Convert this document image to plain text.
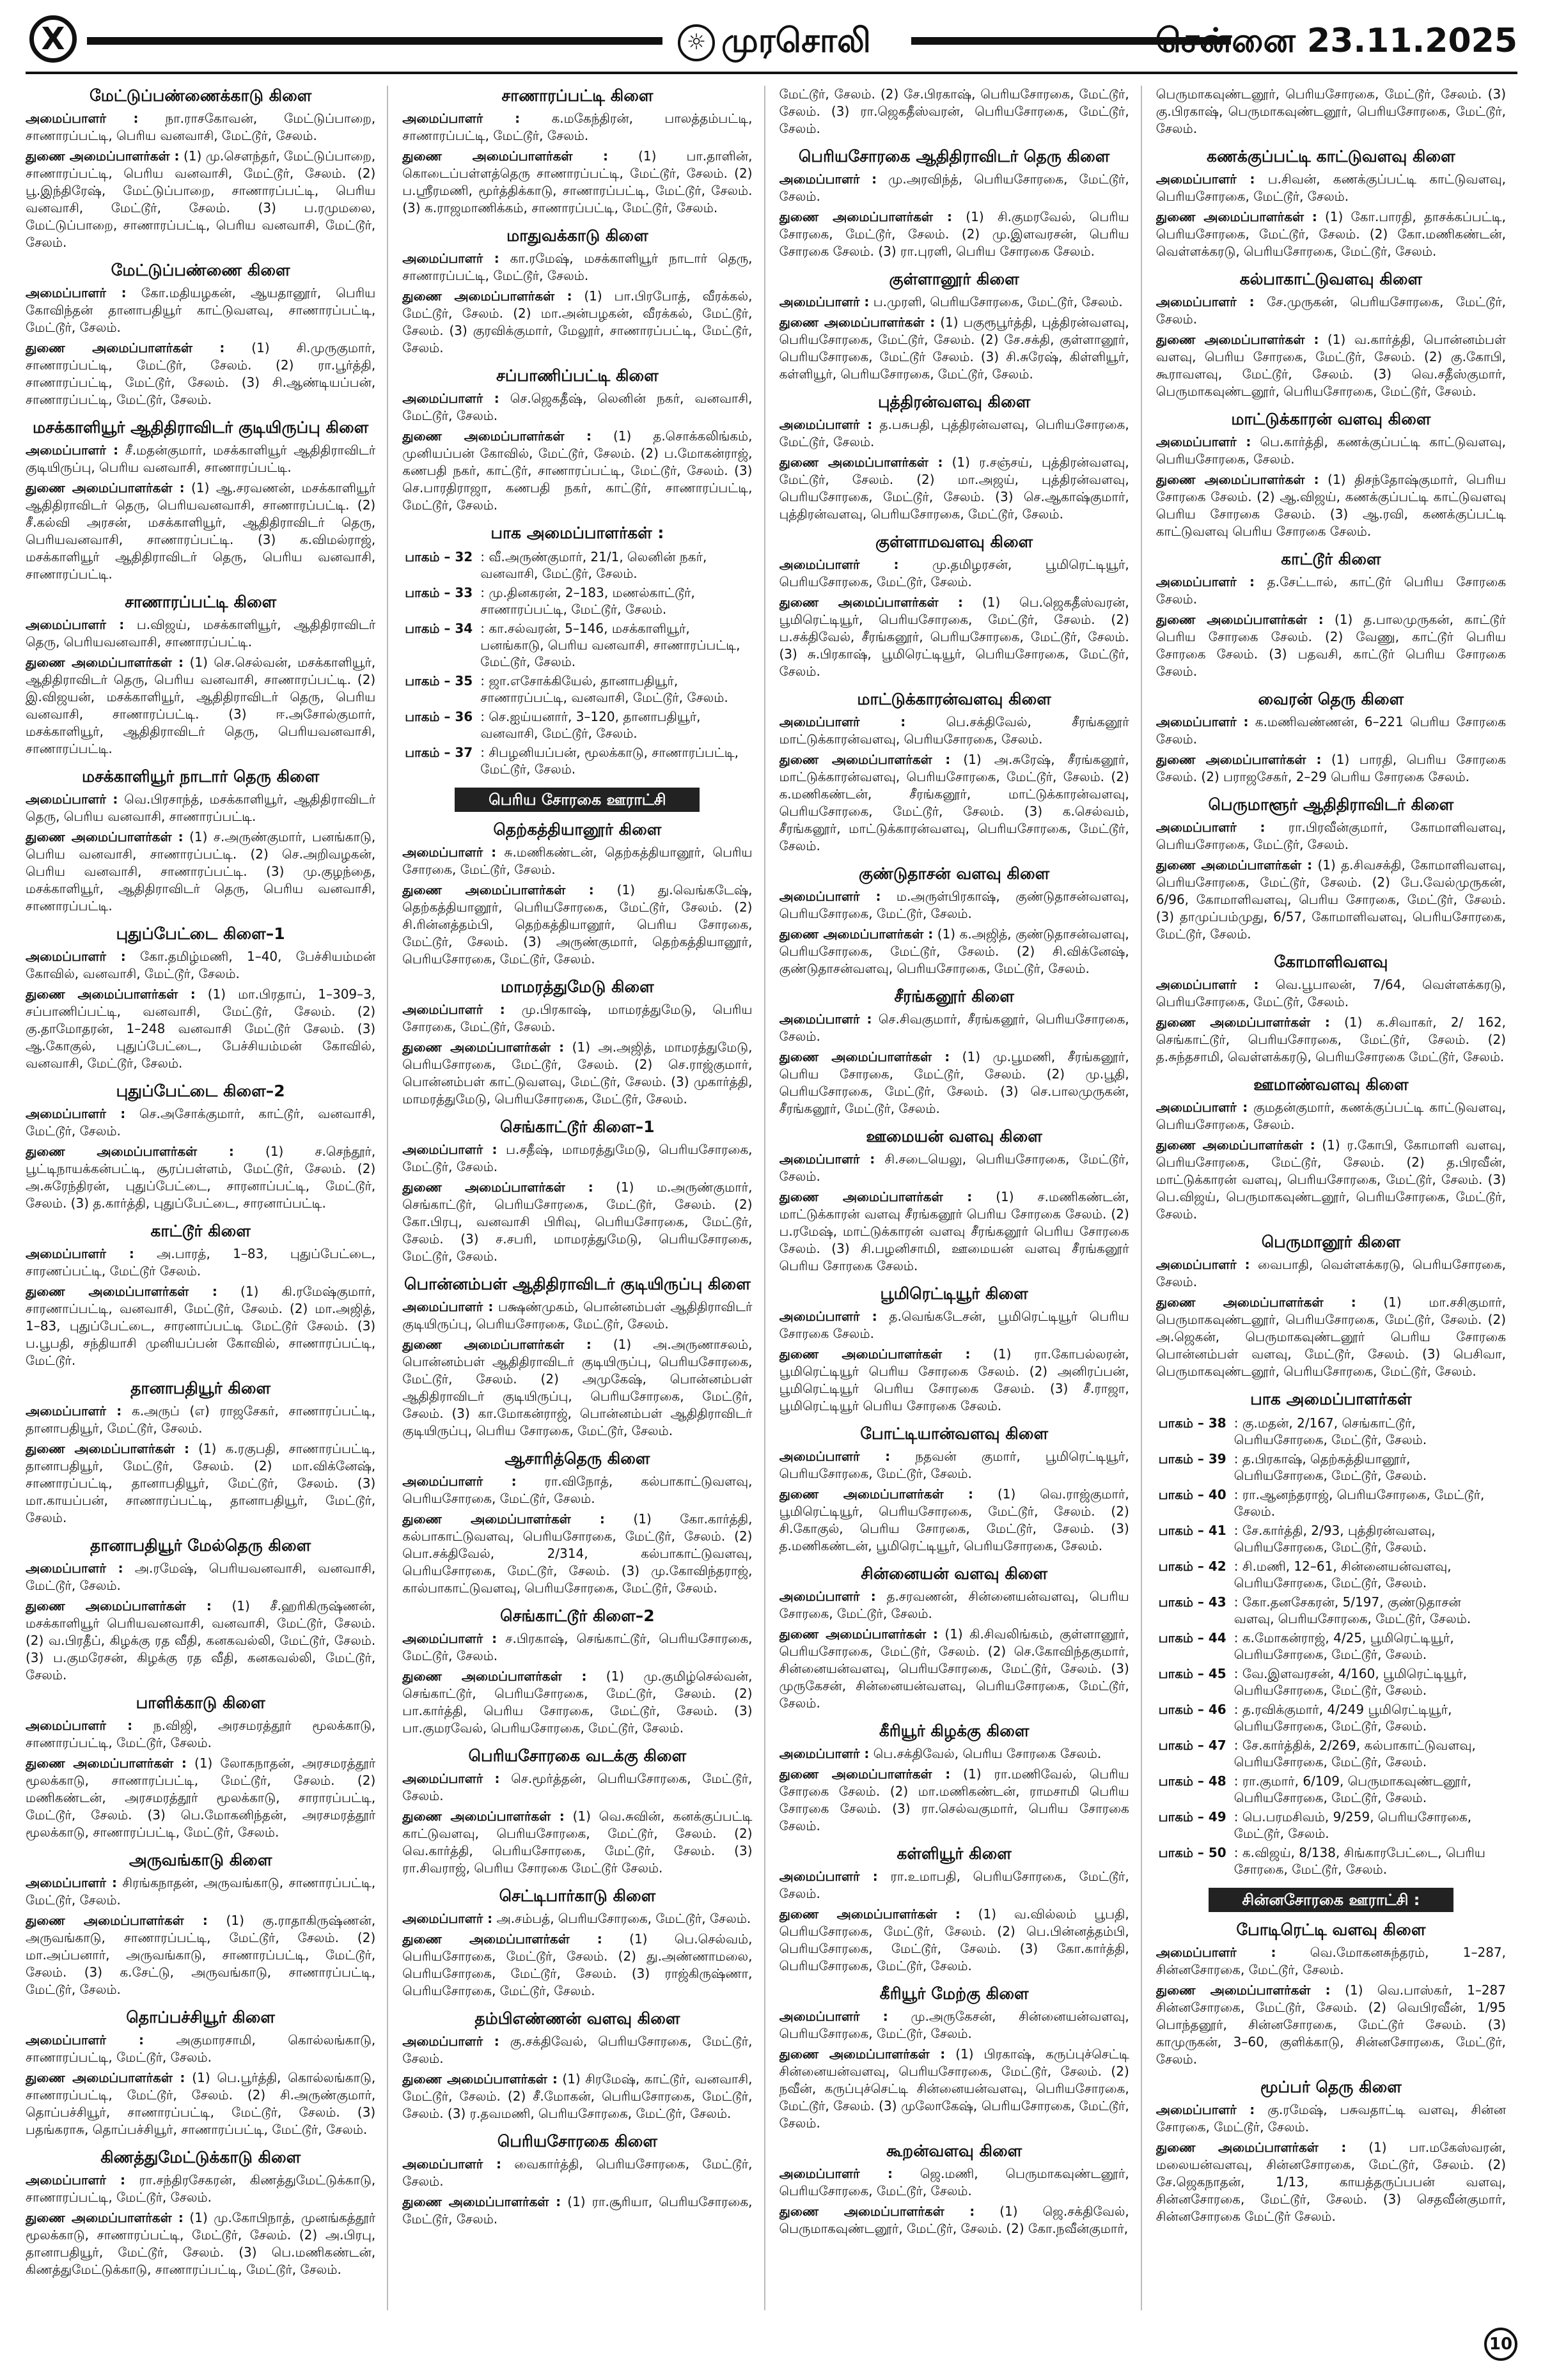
X	☼ முரசொலி	சென்னை 23.11.2025
மேட்டுப்பண்ணைக்காடு கிளை

அமைப்பாளர் : நா.ராசகோவன், மேட்டுப்பாறை, சாணாரப்பட்டி, பெரிய வனவாசி, மேட்டூர், சேலம்.

துணை அமைப்பாளர்கள் : (1) மு.செளந்தர், மேட்டுப்பாறை, சாணாரப்பட்டி, பெரிய வனவாசி, மேட்டூர், சேலம். (2) பூ.இந்திரேஷ், மேட்டுப்பாறை, சாணாரப்பட்டி, பெரிய வனவாசி, மேட்டூர், சேலம். (3) ப.ரமுமலை, மேட்டுப்பாறை, சாணாரப்பட்டி, பெரிய வனவாசி, மேட்டூர், சேலம்.

மேட்டுப்பண்ணை கிளை

அமைப்பாளர் : கோ.மதியழகன், ஆயதானூர், பெரிய கோவிந்தன் தானாபதியூர் காட்டுவளவு, சாணாரப்பட்டி, மேட்டூர், சேலம்.

துணை அமைப்பாளர்கள் : (1) சி.முருகுமார், சாணாரப்பட்டி, மேட்டூர், சேலம். (2) ரா.பூர்த்தி, சாணாரப்பட்டி, மேட்டூர், சேலம். (3) சி.ஆண்டியப்பன், சாணாரப்பட்டி, மேட்டூர், சேலம்.

மசக்காளியூர் ஆதிதிராவிடர் குடியிருப்பு கிளை

அமைப்பாளர் : சீ.மதன்குமார், மசக்காளியூர் ஆதிதிராவிடர் குடியிருப்பு, பெரிய வனவாசி, சாணாரப்பட்டி.

துணை அமைப்பாளர்கள் : (1) ஆ.சரவணன், மசக்காளியூர் ஆதிதிராவிடர் தெரு, பெரியவனவாசி, சாணாரப்பட்டி. (2) சீ.கல்வி அரசன், மசக்காளியூர், ஆதிதிராவிடர் தெரு, பெரியவனவாசி, சாணாரப்பட்டி. (3) க.விமல்ராஜ், மசக்காளியூர் ஆதிதிராவிடர் தெரு, பெரிய வனவாசி, சாணாரப்பட்டி.

சாணாரப்பட்டி கிளை

அமைப்பாளர் : ப.விஜய், மசக்காளியூர், ஆதிதிராவிடர் தெரு, பெரியவனவாசி, சாணாரப்பட்டி.

துணை அமைப்பாளர்கள் : (1) செ.செல்வன், மசக்காளியூர், ஆதிதிராவிடர் தெரு, பெரிய வனவாசி, சாணாரப்பட்டி. (2) இ.விஜயன், மசக்காளியூர், ஆதிதிராவிடர் தெரு, பெரிய வனவாசி, சாணாரப்பட்டி. (3) ஈ.அசோல்குமார், மசக்காளியூர், ஆதிதிராவிடர் தெரு, பெரியவனவாசி, சாணாரப்பட்டி.

மசக்காளியூர் நாடார் தெரு கிளை

அமைப்பாளர் : வெ.பிரசாந்த், மசக்காளியூர், ஆதிதிராவிடர் தெரு, பெரிய வனவாசி, சாணாரப்பட்டி.

துணை அமைப்பாளர்கள் : (1) ச.அருண்குமார், பனங்காடு, பெரிய வனவாசி, சாணாரப்பட்டி. (2) செ.அறிவழகன், பெரிய வனவாசி, சாணாரப்பட்டி. (3) மு.குழந்தை, மசக்காளியூர், ஆதிதிராவிடர் தெரு, பெரிய வனவாசி, சாணாரப்பட்டி.

புதுப்பேட்டை கிளை–1

அமைப்பாளர் : கோ.தமிழ்மணி, 1–40, பேச்சியம்மன் கோவில், வனவாசி, மேட்டூர், சேலம்.

துணை அமைப்பாளர்கள் : (1) மா.பிரதாப், 1–309–3, சப்பாணிப்பட்டி, வனவாசி, மேட்டூர், சேலம். (2) கு.தாமோதரன், 1–248 வனவாசி மேட்டூர் சேலம். (3) ஆ.கோகுல், புதுப்பேட்டை, பேச்சியம்மன் கோவில், வனவாசி, மேட்டூர், சேலம்.

புதுப்பேட்டை கிளை–2

அமைப்பாளர் : செ.அசோக்குமார், காட்டூர், வனவாசி, மேட்டூர், சேலம்.

துணை அமைப்பாளர்கள் : (1) ச.செந்தூர், பூட்டிநாயக்கன்பட்டி, சூரப்பள்ளம், மேட்டூர், சேலம். (2) அ.சுரேந்திரன், புதுப்பேட்டை, சாரனாப்பட்டி, மேட்டூர், சேலம். (3) த.கார்த்தி, புதுப்பேட்டை, சாரனாப்பட்டி.

காட்டூர் கிளை

அமைப்பாளர் : அ.பாரத், 1–83, புதுப்பேட்டை, சாரணப்பட்டி, மேட்டூர் சேலம்.

துணை அமைப்பாளர்கள் : (1) கி.ரமேஷ்குமார், சாரணாப்பட்டி, வனவாசி, மேட்டூர், சேலம். (2) மா.அஜித், 1–83, புதுப்பேட்டை, சாரனாப்பட்டி மேட்டூர் சேலம். (3) ப.பூபதி, சந்தியாசி முனியப்பன் கோவில், சாணாரப்பட்டி, மேட்டூர்.

தானாபதியூர் கிளை

அமைப்பாளர் : க.அருப் (எ) ராஜசேகர், சாணாரப்பட்டி, தானாபதியூர், மேட்டூர், சேலம்.

துணை அமைப்பாளர்கள் : (1) க.ரகுபதி, சாணாரப்பட்டி, தானாபதியூர், மேட்டூர், சேலம். (2) மா.விக்னேஷ், சாணாரப்பட்டி, தானாபதியூர், மேட்டூர், சேலம். (3) மா.காயப்பன், சாணாரப்பட்டி, தானாபதியூர், மேட்டூர், சேலம்.

தானாபதியூர் மேல்தெரு கிளை

அமைப்பாளர் : அ.ரமேஷ், பெரியவனவாசி, வனவாசி, மேட்டூர், சேலம்.

துணை அமைப்பாளர்கள் : (1) சீ.ஹரிகிருஷ்ணன், மசக்காளியூர் பெரியவனவாசி, வனவாசி, மேட்டூர், சேலம். (2) வ.பிரதீப், கிழக்கு ரத வீதி, கனகவல்லி, மேட்டூர், சேலம். (3) ப.குமரேசன், கிழக்கு ரத வீதி, கனகவல்லி, மேட்டூர், சேலம்.

பாளிக்காடு கிளை

அமைப்பாளர் : ந.விஜி, அரசமரத்தூர் மூலக்காடு, சாணாரப்பட்டி, மேட்டூர், சேலம்.

துணை அமைப்பாளர்கள் : (1) லோகநாதன், அரசமரத்தூர் மூலக்காடு, சாணாரப்பட்டி, மேட்டூர், சேலம். (2) மணிகண்டன், அரசமரத்தூர் மூலக்காடு, சாராரப்பட்டி, மேட்டூர், சேலம். (3) பெ.மோகனிந்தன், அரசமரத்தூர் மூலக்காடு, சாணாரப்பட்டி, மேட்டூர், சேலம்.

அருவங்காடு கிளை

அமைப்பாளர் : சிரங்கநாதன், அருவங்காடு, சாணாரப்பட்டி, மேட்டூர், சேலம்.

துணை அமைப்பாளர்கள் : (1) கு.ராதாகிருஷ்ணன், அருவங்காடு, சாணாரப்பட்டி, மேட்டூர், சேலம். (2) மா.அப்பனார், அருவங்காடு, சாணாரப்பட்டி, மேட்டூர், சேலம். (3) க.சேட்டு, அருவங்காடு, சாணாரப்பட்டி, மேட்டூர், சேலம்.

தொப்பச்சியூர் கிளை

அமைப்பாளர் : அகுமாரசாமி, கொல்லங்காடு, சாணாரப்பட்டி, மேட்டூர், சேலம்.

துணை அமைப்பாளர்கள் : (1) பெ.பூர்த்தி, கொல்லங்காடு, சாணாரப்பட்டி, மேட்டூர், சேலம். (2) சி.அருண்குமார், தொப்பச்சியூர், சாணாரப்பட்டி, மேட்டூர், சேலம். (3) பதங்கராசு, தொப்பச்சியூர், சாணாரப்பட்டி, மேட்டூர், சேலம்.

கிணத்துமேட்டுக்காடு கிளை

அமைப்பாளர் : ரா.சந்திரசேகரன், கிணத்துமேட்டுக்காடு, சாணாரப்பட்டி, மேட்டூர், சேலம்.

துணை அமைப்பாளர்கள் : (1) மு.கோபிநாத், முனங்கத்தூர் மூலக்காடு, சாணாரப்பட்டி, மேட்டூர், சேலம். (2) அ.பிரபு, தானாபதியூர், மேட்டூர், சேலம். (3) பெ.மணிகண்டன், கிணத்துமேட்டுக்காடு, சாணாரப்பட்டி, மேட்டூர், சேலம்.

சாணாரப்பட்டி கிளை

அமைப்பாளர் : க.மகேந்திரன், பாலத்தம்பட்டி, சாணாரப்பட்டி, மேட்டூர், சேலம்.

துணை அமைப்பாளர்கள் : (1) பா.தாளின், கொடைப்பள்ளத்தெரு சாணாரப்பட்டி, மேட்டூர், சேலம். (2) ப.ஸ்ரீரமணி, மூர்த்திக்காடு, சாணாரப்பட்டி, மேட்டூர், சேலம். (3) க.ராஜமாணிக்கம், சாணாரப்பட்டி, மேட்டூர், சேலம்.

மாதுவக்காடு கிளை

அமைப்பாளர் : கா.ரமேஷ், மசக்காளியூர் நாடார் தெரு, சாணாரப்பட்டி, மேட்டூர், சேலம்.

துணை அமைப்பாளர்கள் : (1) பா.பிரபோத், வீரக்கல், மேட்டூர், சேலம். (2) மா.அன்பழகன், வீரக்கல், மேட்டூர், சேலம். (3) குரவிக்குமார், மேலூர், சாணாரப்பட்டி, மேட்டூர், சேலம்.

சப்பாணிப்பட்டி கிளை

அமைப்பாளர் : செ.ஜெகதீஷ், லெனின் நகர், வனவாசி, மேட்டூர், சேலம்.

துணை அமைப்பாளர்கள் : (1) த.சொக்கலிங்கம், முனியப்பன் கோவில், மேட்டூர், சேலம். (2) ப.மோகன்ராஜ், கணபதி நகர், காட்டூர், சாணாரப்பட்டி, மேட்டூர், சேலம். (3) செ.பாரதிராஜா, கணபதி நகர், காட்டூர், சாணாரப்பட்டி, மேட்டூர், சேலம்.

பாக அமைப்பாளர்கள் :
பாகம் – 32	: வீ.அருண்குமார், 21/1, லெனின் நகர், வனவாசி, மேட்டூர், சேலம்.
பாகம் – 33	: மு.தினகரன், 2–183, மணல்காட்டூர், சாணாரப்பட்டி, மேட்டூர், சேலம்.
பாகம் – 34	: கா.சல்வரன், 5–146, மசக்காளியூர், பனங்காடு, பெரிய வனவாசி, சாணாரப்பட்டி, மேட்டூர், சேலம்.
பாகம் – 35	: ஜா.எசோக்கியேல், தானாபதியூர், சாணாரப்பட்டி, வனவாசி, மேட்டூர், சேலம்.
பாகம் – 36	: செ.ஐய்யனார், 3–120, தானாபதியூர், வனவாசி, மேட்டூர், சேலம்.
பாகம் – 37	: சிபழனியப்பன், மூலக்காடு, சாணாரப்பட்டி, மேட்டூர், சேலம்.
பெரிய சோரகை ஊராட்சி
தெற்கத்தியானூர் கிளை

அமைப்பாளர் : சு.மணிகண்டன், தெற்கத்தியானூர், பெரிய சோரகை, மேட்டூர், சேலம்.

துணை அமைப்பாளர்கள் : (1) து.வெங்கடேஷ், தெற்கத்தியானூர், பெரியசோரகை, மேட்டூர், சேலம். (2) சி.ரின்னத்தம்பி, தெற்கத்தியானூர், பெரிய சோரகை, மேட்டூர், சேலம். (3) அருண்குமார், தெற்கத்தியானூர், பெரியசோரகை, மேட்டூர், சேலம்.

மாமரத்துமேடு கிளை

அமைப்பாளர் : மு.பிரகாஷ், மாமரத்துமேடு, பெரிய சோரகை, மேட்டூர், சேலம்.

துணை அமைப்பாளர்கள் : (1) அ.அஜித், மாமரத்துமேடு, பெரியசோரகை, மேட்டூர், சேலம். (2) செ.ராஜ்குமார், பொன்னம்பள் காட்டுவளவு, மேட்டூர், சேலம். (3) முகார்த்தி, மாமரத்துமேடு, பெரியசோரகை, மேட்டூர், சேலம்.

செங்காட்டூர் கிளை–1

அமைப்பாளர் : ப.சதீஷ், மாமரத்துமேடு, பெரியசோரகை, மேட்டூர், சேலம்.

துணை அமைப்பாளர்கள் : (1) ம.அருண்குமார், செங்காட்டூர், பெரியசோரகை, மேட்டூர், சேலம். (2) கோ.பிரபு, வனவாசி பிரிவு, பெரியசோரகை, மேட்டூர், சேலம். (3) ச.சபரி, மாமரத்துமேடு, பெரியசோரகை, மேட்டூர், சேலம்.

பொன்னம்பள் ஆதிதிராவிடர் குடியிருப்பு கிளை

அமைப்பாளர் : பக்ஷண்முகம், பொன்னம்பள் ஆதிதிராவிடர் குடியிருப்பு, பெரியசோரகை, மேட்டூர், சேலம்.

துணை அமைப்பாளர்கள் : (1) அ.அருணாசலம், பொன்னம்பள் ஆதிதிராவிடர் குடியிருப்பு, பெரியசோரகை, மேட்டூர், சேலம். (2) அமுகேஷ், பொன்னம்பள் ஆதிதிராவிடர் குடியிருப்பு, பெரியசோரகை, மேட்டூர், சேலம். (3) கா.மோகன்ராஜ், பொன்னம்பள் ஆதிதிராவிடர் குடியிருப்பு, பெரிய சோரகை, மேட்டூர், சேலம்.

ஆசாரித்தெரு கிளை

அமைப்பாளர் : ரா.விநோத், கல்பாகாட்டுவளவு, பெரியசோரகை, மேட்டூர், சேலம்.

துணை அமைப்பாளர்கள் : (1) கோ.கார்த்தி, கல்பாகாட்டுவளவு, பெரியசோரகை, மேட்டூர், சேலம். (2) பொ.சக்திவேல், 2/314, கல்பாகாட்டுவளவு, பெரியசோரகை, மேட்டூர், சேலம். (3) மு.கோவிந்தராஜ், கால்பாகாட்டுவளவு, பெரியசோரகை, மேட்டூர், சேலம்.

செங்காட்டூர் கிளை–2

அமைப்பாளர் : ச.பிரகாஷ், செங்காட்டூர், பெரியசோரகை, மேட்டூர், சேலம்.

துணை அமைப்பாளர்கள் : (1) மு.குமிழ்செல்வன், செங்காட்டூர், பெரியசோரகை, மேட்டூர், சேலம். (2) பா.கார்த்தி, பெரிய சோரகை, மேட்டூர், சேலம். (3) பா.குமரவேல், பெரியசோரகை, மேட்டூர், சேலம்.

பெரியசோரகை வடக்கு கிளை

அமைப்பாளர் : செ.மூர்த்தன், பெரியசோரகை, மேட்டூர், சேலம்.

துணை அமைப்பாளர்கள் : (1) வெ.சுவின், கனக்குப்பட்டி காட்டுவளவு, பெரியசோரகை, மேட்டூர், சேலம். (2) வெ.கார்த்தி, பெரியசோரகை, மேட்டூர், சேலம். (3) ரா.சிவராஜ், பெரிய சோரகை மேட்டூர் சேலம்.

செட்டிபார்காடு கிளை

அமைப்பாளர் : அ.சம்பத், பெரியசோரகை, மேட்டூர், சேலம்.

துணை அமைப்பாளர்கள் : (1) பெ.செல்வம், பெரியசோரகை, மேட்டூர், சேலம். (2) து.அண்ணாமலை, பெரியசோரகை, மேட்டூர், சேலம். (3) ராஜ்கிருஷ்ணா, பெரியசோரகை, மேட்டூர், சேலம்.

தம்பிஎண்ணன் வளவு கிளை

அமைப்பாளர் : கு.சக்திவேல், பெரியசோரகை, மேட்டூர், சேலம்.

துணை அமைப்பாளர்கள் : (1) சிரமேஷ், காட்டூர், வனவாசி, மேட்டூர், சேலம். (2) சீ.மோகன், பெரியசோரகை, மேட்டூர், சேலம். (3) ர.தவமணி, பெரியசோரகை, மேட்டூர், சேலம்.

பெரியசோரகை கிளை

அமைப்பாளர் : வைகார்த்தி, பெரியசோரகை, மேட்டூர், சேலம்.

துணை அமைப்பாளர்கள் : (1) ரா.சூரியா, பெரியசோரகை, மேட்டூர், சேலம்.

மேட்டூர், சேலம். (2) சே.பிரகாஷ், பெரியசோரகை, மேட்டூர், சேலம். (3) ரா.ஜெகதீஸ்வரன், பெரியசோரகை, மேட்டூர், சேலம்.

பெரியசோரகை ஆதிதிராவிடர் தெரு கிளை

அமைப்பாளர் : மு.அரவிந்த், பெரியசோரகை, மேட்டூர், சேலம்.

துணை அமைப்பாளர்கள் : (1) சி.குமரவேல், பெரிய சோரகை, மேட்டூர், சேலம். (2) மு.இளவரசன், பெரிய சோரகை சேலம். (3) ரா.புரளி, பெரிய சோரகை சேலம்.

குள்ளானூர் கிளை

அமைப்பாளர் : ப.முரளி, பெரியசோரகை, மேட்டூர், சேலம்.

துணை அமைப்பாளர்கள் : (1) பகுரூபூர்த்தி, புத்திரன்வளவு, பெரியசோரகை, மேட்டூர், சேலம். (2) சே.சக்தி, குள்ளானூர், பெரியசோரகை, மேட்டூர் சேலம். (3) சி.சுரேஷ், கிள்ளியூர், கள்ளியூர், பெரியசோரகை, மேட்டூர், சேலம்.

புத்திரன்வளவு கிளை

அமைப்பாளர் : த.பசுபதி, புத்திரன்வளவு, பெரியசோரகை, மேட்டூர், சேலம்.

துணை அமைப்பாளர்கள் : (1) ர.சஞ்சய், புத்திரன்வளவு, மேட்டூர், சேலம். (2) மா.அஜய், புத்திரன்வளவு, பெரியசோரகை, மேட்டூர், சேலம். (3) செ.ஆகாஷ்குமார், புத்திரன்வளவு, பெரியசோரகை, மேட்டூர், சேலம்.

குள்ளாமவளவு கிளை

அமைப்பாளர் : மு.தமிழரசன், பூமிரெட்டியூர், பெரியசோரகை, மேட்டூர், சேலம்.

துணை அமைப்பாளர்கள் : (1) பெ.ஜெகதீஸ்வரன், பூமிரெட்டியூர், பெரியசோரகை, மேட்டூர், சேலம். (2) ப.சக்திவேல், சீரங்கனூர், பெரியசோரகை, மேட்டூர், சேலம். (3) சு.பிரகாஷ், பூமிரெட்டியூர், பெரியசோரகை, மேட்டூர், சேலம்.

மாட்டுக்காரன்வளவு கிளை

அமைப்பாளர் : பெ.சக்திவேல், சீரங்கனூர் மாட்டுக்காரன்வளவு, பெரியசோரகை, சேலம்.

துணை அமைப்பாளர்கள் : (1) அ.சுரேஷ், சீரங்கனூர், மாட்டுக்காரன்வளவு, பெரியசோரகை, மேட்டூர், சேலம். (2) க.மணிகண்டன், சீரங்கனூர், மாட்டுக்காரன்வளவு, பெரியசோரகை, மேட்டூர், சேலம். (3) க.செல்வம், சீரங்கனூர், மாட்டுக்காரன்வளவு, பெரியசோரகை, மேட்டூர், சேலம்.

குண்டுதாசன் வளவு கிளை

அமைப்பாளர் : ம.அருள்பிரகாஷ், குண்டுதாசன்வளவு, பெரியசோரகை, மேட்டூர், சேலம்.

துணை அமைப்பாளர்கள் : (1) க.அஜித், குண்டுதாசன்வளவு, பெரியசோரகை, மேட்டூர், சேலம். (2) சி.விக்னேஷ், குண்டுதாசன்வளவு, பெரியசோரகை, மேட்டூர், சேலம்.

சீரங்கனூர் கிளை

அமைப்பாளர் : செ.சிவகுமார், சீரங்கனூர், பெரியசோரகை, சேலம்.

துணை அமைப்பாளர்கள் : (1) மு.பூமணி, சீரங்கனூர், பெரிய சோரகை, மேட்டூர், சேலம். (2) மு.பூதி, பெரியசோரகை, மேட்டூர், சேலம். (3) செ.பாலமுருகன், சீரங்கனூர், மேட்டூர், சேலம்.

ஊமையன் வளவு கிளை

அமைப்பாளர் : சி.சடையெலு, பெரியசோரகை, மேட்டூர், சேலம்.

துணை அமைப்பாளர்கள் : (1) ச.மணிகண்டன், மாட்டுக்காரன் வளவு சீரங்கனூர் பெரிய சோரகை சேலம். (2) ப.ரமேஷ், மாட்டுக்காரன் வளவு சீரங்கனூர் பெரிய சோரகை சேலம். (3) சி.பழனிசாமி, ஊமையன் வளவு சீரங்கனூர் பெரிய சோரகை சேலம்.

பூமிரெட்டியூர் கிளை

அமைப்பாளர் : த.வெங்கடேசன், பூமிரெட்டியூர் பெரிய சோரகை சேலம்.

துணை அமைப்பாளர்கள் : (1) ரா.கோபல்லரன், பூமிரெட்டியூர் பெரிய சோரகை சேலம். (2) அனிரப்பன், பூமிரெட்டியூர் பெரிய சோரகை சேலம். (3) சீ.ராஜா, பூமிரெட்டியூர் பெரிய சோரகை சேலம்.

போட்டியான்வளவு கிளை

அமைப்பாளர் : நதவன் குமார், பூமிரெட்டியூர், பெரியசோரகை, மேட்டூர், சேலம்.

துணை அமைப்பாளர்கள் : (1) வெ.ராஜ்குமார், பூமிரெட்டியூர், பெரியசோரகை, மேட்டூர், சேலம். (2) சி.கோகுல், பெரிய சோரகை, மேட்டூர், சேலம். (3) த.மணிகண்டன், பூமிரெட்டியூர், பெரியசோரகை, சேலம்.

சின்னையன் வளவு கிளை

அமைப்பாளர் : த.சரவணன், சின்னையன்வளவு, பெரிய சோரகை, மேட்டூர், சேலம்.

துணை அமைப்பாளர்கள் : (1) கி.சிவலிங்கம், குள்ளானூர், பெரியசோரகை, மேட்டூர், சேலம். (2) செ.கோவிந்தகுமார், சின்னையன்வளவு, பெரியசோரகை, மேட்டூர், சேலம். (3) முருகேசன், சின்னையன்வளவு, பெரியசோரகை, மேட்டூர், சேலம்.

கீரியூர் கிழக்கு கிளை

அமைப்பாளர் : பெ.சக்திவேல், பெரிய சோரகை சேலம்.

துணை அமைப்பாளர்கள் : (1) ரா.மணிவேல், பெரிய சோரகை சேலம். (2) மா.மணிகண்டன், ராமசாமி பெரிய சோரகை சேலம். (3) ரா.செல்வகுமார், பெரிய சோரகை சேலம்.

கள்ளியூர் கிளை

அமைப்பாளர் : ரா.உமாபதி, பெரியசோரகை, மேட்டூர், சேலம்.

துணை அமைப்பாளர்கள் : (1) வ.வில்லம் பூபதி, பெரியசோரகை, மேட்டூர், சேலம். (2) பெ.பின்னத்தம்பி, பெரியசோரகை, மேட்டூர், சேலம். (3) கோ.கார்த்தி, பெரியசோரகை, மேட்டூர், சேலம்.

கீரியூர் மேற்கு கிளை

அமைப்பாளர் : மு.அருகேசன், சின்னையன்வளவு, பெரியசோரகை, மேட்டூர், சேலம்.

துணை அமைப்பாளர்கள் : (1) பிரகாஷ், கருப்புச்செட்டி சின்னையன்வளவு, பெரியசோரகை, மேட்டூர், சேலம். (2) நவீன், கருப்புச்செட்டி சின்னையன்வளவு, பெரியசோரகை, மேட்டூர், சேலம். (3) முலோகேஷ், பெரியசோரகை, மேட்டூர், சேலம்.

கூறன்வளவு கிளை

அமைப்பாளர் : ஜெ.மணி, பெருமாகவுண்டனூர், பெரியசோரகை, மேட்டூர், சேலம்.

துணை அமைப்பாளர்கள் : (1) ஜெ.சக்திவேல், பெருமாகவுண்டனூர், மேட்டூர், சேலம். (2) கோ.நவீன்குமார்,

பெருமாகவுண்டனூர், பெரியசோரகை, மேட்டூர், சேலம். (3) கு.பிரகாஷ், பெருமாகவுண்டனூர், பெரியசோரகை, மேட்டூர், சேலம்.

கணக்குப்பட்டி காட்டுவளவு கிளை

அமைப்பாளர் : ப.சிவன், கணக்குப்பட்டி காட்டுவளவு, பெரியசோரகை, மேட்டூர், சேலம்.

துணை அமைப்பாளர்கள் : (1) கோ.பாரதி, தாசக்கப்பட்டி, பெரியசோரகை, மேட்டூர், சேலம். (2) கோ.மணிகண்டன், வெள்ளக்கரடு, பெரியசோரகை, மேட்டூர், சேலம்.

கல்பாகாட்டுவளவு கிளை

அமைப்பாளர் : சே.முருகன், பெரியசோரகை, மேட்டூர், சேலம்.

துணை அமைப்பாளர்கள் : (1) வ.கார்த்தி, பொன்னம்பள் வளவு, பெரிய சோரகை, மேட்டூர், சேலம். (2) கு.கோபி, கூராவளவு, மேட்டூர், சேலம். (3) வெ.சதீஸ்குமார், பெருமாகவுண்டனூர், பெரியசோரகை, மேட்டூர், சேலம்.

மாட்டுக்காரன் வளவு கிளை

அமைப்பாளர் : பெ.கார்த்தி, கணக்குப்பட்டி காட்டுவளவு, பெரியசோரகை, சேலம்.

துணை அமைப்பாளர்கள் : (1) திசந்தோஷ்குமார், பெரிய சோரகை சேலம். (2) ஆ.விஜய், கணக்குப்பட்டி காட்டுவளவு பெரிய சோரகை சேலம். (3) ஆ.ரவி, கணக்குப்பட்டி காட்டுவளவு பெரிய சோரகை சேலம்.

காட்டூர் கிளை

அமைப்பாளர் : த.சேட்டால், காட்டூர் பெரிய சோரகை சேலம்.

துணை அமைப்பாளர்கள் : (1) த.பாலமுருகன், காட்டூர் பெரிய சோரகை சேலம். (2) வேணு, காட்டூர் பெரிய சோரகை சேலம். (3) பதவசி, காட்டூர் பெரிய சோரகை சேலம்.

வைரன் தெரு கிளை

அமைப்பாளர் : க.மணிவண்ணன், 6–221 பெரிய சோரகை சேலம்.

துணை அமைப்பாளர்கள் : (1) பாரதி, பெரிய சோரகை சேலம். (2) பராஜசேகர், 2–29 பெரிய சோரகை சேலம்.

பெருமாளூர் ஆதிதிராவிடர் கிளை

அமைப்பாளர் : ரா.பிரவீன்குமார், கோமாளிவளவு, பெரியசோரகை, மேட்டூர், சேலம்.

துணை அமைப்பாளர்கள் : (1) த.சிவசக்தி, கோமாளிவளவு, பெரியசோரகை, மேட்டூர், சேலம். (2) பே.வேல்முருகன், 6/96, கோமாளிவளவு, பெரிய சோரகை, மேட்டூர், சேலம். (3) தாமுப்பம்முது, 6/57, கோமாளிவளவு, பெரியசோரகை, மேட்டூர், சேலம்.

கோமாளிவளவு

அமைப்பாளர் : வெ.பூபாலன், 7/64, வெள்ளக்கரடு, பெரியசோரகை, மேட்டூர், சேலம்.

துணை அமைப்பாளர்கள் : (1) க.சிவாகர், 2/ 162, செங்காட்டூர், பெரியசோரகை, மேட்டூர், சேலம். (2) த.சுந்தசாமி, வெள்ளக்கரடு, பெரியசோரகை மேட்டூர், சேலம்.

ஊமாண்வளவு கிளை

அமைப்பாளர் : குமதன்குமார், கணக்குப்பட்டி காட்டுவளவு, பெரியசோரகை, சேலம்.

துணை அமைப்பாளர்கள் : (1) ர.கோபி, கோமாளி வளவு, பெரியசோரகை, மேட்டூர், சேலம். (2) த.பிரவீன், மாட்டுக்காரன் வளவு, பெரியசோரகை, மேட்டூர், சேலம். (3) பெ.விஜய், பெருமாகவுண்டனூர், பெரியசோரகை, மேட்டூர், சேலம்.

பெருமானூர் கிளை

அமைப்பாளர் : வைபாதி, வெள்ளக்கரடு, பெரியசோரகை, சேலம்.

துணை அமைப்பாளர்கள் : (1) மா.சசிகுமார், பெருமாகவுண்டனூர், பெரியசோரகை, மேட்டூர், சேலம். (2) அ.ஜெகன், பெருமாகவுண்டனூர் பெரிய சோரகை பொன்னம்பள் வளவு, மேட்டூர், சேலம். (3) பெசிவா, பெருமாகவுண்டனூர், பெரியசோரகை, மேட்டூர், சேலம்.

பாக அமைப்பாளர்கள்
பாகம் – 38	: கு.மதன், 2/167, செங்காட்டூர், பெரியசோரகை, மேட்டூர், சேலம்.
பாகம் – 39	: த.பிரகாஷ், தெற்கத்தியானூர், பெரியசோரகை, மேட்டூர், சேலம்.
பாகம் – 40	: ரா.ஆனந்தராஜ், பெரியசோரகை, மேட்டூர், சேலம்.
பாகம் – 41	: சே.கார்த்தி, 2/93, புத்திரன்வளவு, பெரியசோரகை, மேட்டூர், சேலம்.
பாகம் – 42	: சி.மணி, 12–61, சின்னையன்வளவு, பெரியசோரகை, மேட்டூர், சேலம்.
பாகம் – 43	: கோ.தனசேகரன், 5/197, குண்டுதாசன் வளவு, பெரியசோரகை, மேட்டூர், சேலம்.
பாகம் – 44	: க.மோகன்ராஜ், 4/25, பூமிரெட்டியூர், பெரியசோரகை, மேட்டூர், சேலம்.
பாகம் – 45	: வே.இளவரசன், 4/160, பூமிரெட்டியூர், பெரியசோரகை, மேட்டூர், சேலம்.
பாகம் – 46	: த.ரவிக்குமார், 4/249 பூமிரெட்டியூர், பெரியசோரகை, மேட்டூர், சேலம்.
பாகம் – 47	: சே.கார்த்திக், 2/269, கல்பாகாட்டுவளவு, பெரியசோரகை, மேட்டூர், சேலம்.
பாகம் – 48	: ரா.குமார், 6/109, பெருமாகவுண்டனூர், பெரியசோரகை, மேட்டூர், சேலம்.
பாகம் – 49	: பெ.பரமசிவம், 9/259, பெரியசோரகை, மேட்டூர், சேலம்.
பாகம் – 50	: க.விஜய், 8/138, சிங்காரபேட்டை, பெரிய சோரகை, மேட்டூர், சேலம்.
சின்னசோரகை ஊராட்சி :
போடிரெட்டி வளவு கிளை

அமைப்பாளர் : வெ.மோகனசுந்தரம், 1–287, சின்னசோரகை, மேட்டூர், சேலம்.

துணை அமைப்பாளர்கள் : (1) வெ.பாஸ்கர், 1–287 சின்னசோரகை, மேட்டூர், சேலம். (2) வெபிரவீன், 1/95 பொந்தனூர், சின்னசோரகை, மேட்டூர் சேலம். (3) காமுருகன், 3–60, குளிக்காடு, சின்னசோரகை, மேட்டூர், சேலம்.

மூப்பர் தெரு கிளை

அமைப்பாளர் : கு.ரமேஷ், பசுவதாட்டி வளவு, சின்ன சோரகை, மேட்டூர், சேலம்.

துணை அமைப்பாளர்கள் : (1) பா.மகேஸ்வரன், மலையன்வளவு, சின்னசோரகை, மேட்டூர், சேலம். (2) சே.ஜெகநாதன், 1/13, காயத்தருப்பபன் வளவு, சின்னசோரகை, மேட்டூர், சேலம். (3) செதவீன்குமார், சின்னசோரகை மேட்டூர் சேலம்.

10
